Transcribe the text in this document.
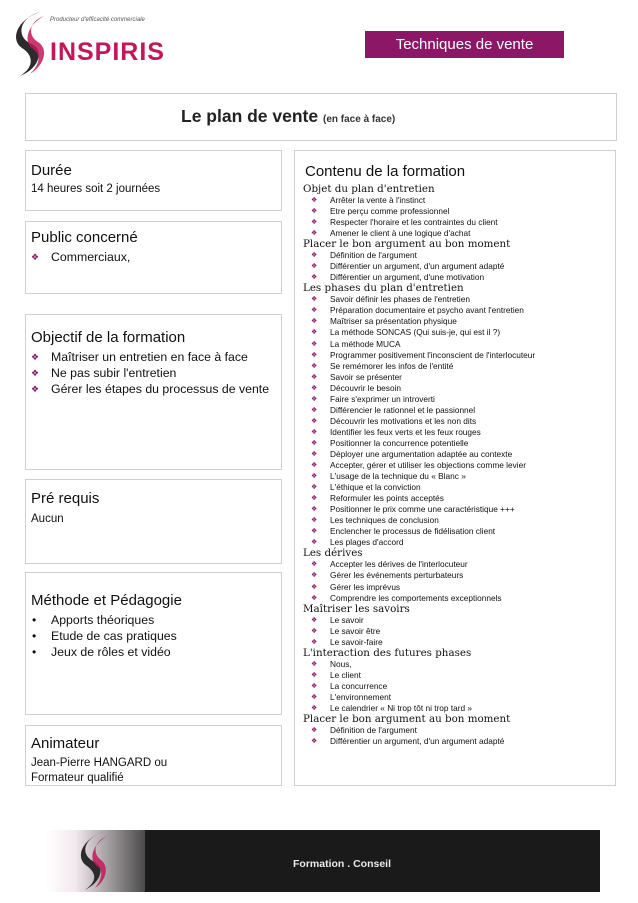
Producteur d'efficacité commerciale
INSPIRIS	Techniques de vente
Le plan de vente (en face à face)
Durée
14 heures soit 2 journées
Public concerné
❖ Commerciaux,
Objectif de la formation
❖ Maîtriser un entretien en face à face
❖ Ne pas subir l'entretien
❖ Gérer les étapes du processus de vente
Pré requis
Aucun
Méthode et Pédagogie
• Apports théoriques
• Etude de cas pratiques
• Jeux de rôles et vidéo
Animateur
Jean-Pierre HANGARD ou
Formateur qualifié
Contenu de la formation
Objet du plan d'entretien
❖ Arrêter la vente à l'instinct
❖ Etre perçu comme professionnel
❖ Respecter l'horaire et les contraintes du client
❖ Amener le client à une logique d'achat
Placer le bon argument au bon moment
❖ Définition de l'argument
❖ Différentier un argument, d'un argument adapté
❖ Différentier un argument, d'une motivation
Les phases du plan d'entretien
❖ Savoir définir les phases de l'entretien
❖ Préparation documentaire et psycho avant l'entretien
❖ Maîtriser sa présentation physique
❖ La méthode SONCAS (Qui suis-je, qui est il ?)
❖ La méthode MUCA
❖ Programmer positivement l'inconscient de l'interlocuteur
❖ Se remémorer les infos de l'entité
❖ Savoir se présenter
❖ Découvrir le besoin
❖ Faire s'exprimer un introverti
❖ Différencier le rationnel et le passionnel
❖ Découvrir les motivations et les non dits
❖ Identifier les feux verts et les feux rouges
❖ Positionner la concurrence potentielle
❖ Déployer une argumentation adaptée au contexte
❖ Accepter, gérer et utiliser les objections comme levier
❖ L'usage de la technique du « Blanc »
❖ L'éthique et la conviction
❖ Reformuler les points acceptés
❖ Positionner le prix comme une caractéristique +++
❖ Les techniques de conclusion
❖ Enclencher le processus de fidélisation client
❖ Les plages d'accord
Les dérives
❖ Accepter les dérives de l'interlocuteur
❖ Gérer les événements perturbateurs
❖ Gérer les imprévus
❖ Comprendre les comportements exceptionnels
Maîtriser les savoirs
❖ Le savoir
❖ Le savoir être
❖ Le savoir-faire
L'interaction des futures phases
❖ Nous,
❖ Le client
❖ La concurrence
❖ L'environnement
❖ Le calendrier « Ni trop tôt ni trop tard »
Placer le bon argument au bon moment
❖ Définition de l'argument
❖ Différentier un argument, d'un argument adapté
Formation . Conseil
